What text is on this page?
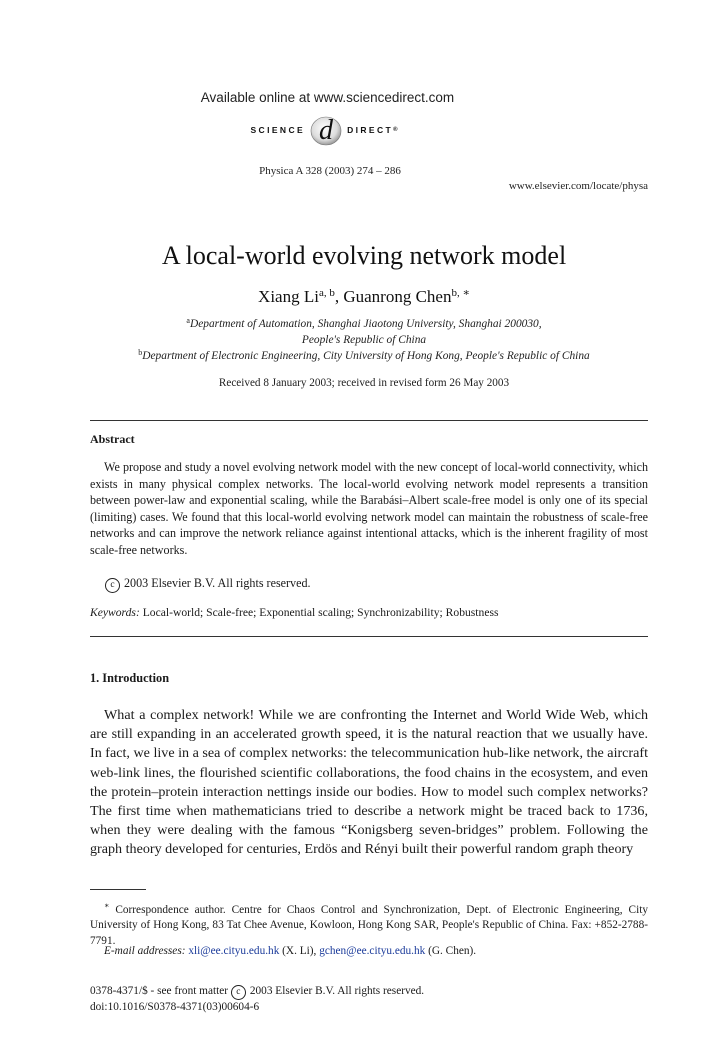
Available online at www.sciencedirect.com
SCIENCE d DIRECT ®
Physica A 328 (2003) 274 – 286
www.elsevier.com/locate/physa
A local-world evolving network model
Xiang Li$^{a, b}$, Guanrong Chen$^{b, ∗}$
$^a$Department of Automation, Shanghai Jiaotong University, Shanghai 200030,
People's Republic of China
$^b$Department of Electronic Engineering, City University of Hong Kong, People's Republic of China
Received 8 January 2003; received in revised form 26 May 2003
Abstract

We propose and study a novel evolving network model with the new concept of local-world connectivity, which exists in many physical complex networks. The local-world evolving network model represents a transition between power-law and exponential scaling, while the Barabási–Albert scale-free model is only one of its special (limiting) cases. We found that this local-world evolving network model can maintain the robustness of scale-free networks and can improve the network reliance against intentional attacks, which is the inherent fragility of most scale-free networks.

c 2003 Elsevier B.V. All rights reserved.
Keywords: Local-world; Scale-free; Exponential scaling; Synchronizability; Robustness
1. Introduction

What a complex network! While we are confronting the Internet and World Wide Web, which are still expanding in an accelerated growth speed, it is the natural reaction that we usually have. In fact, we live in a sea of complex networks: the telecommunication hub-like network, the aircraft web-link lines, the flourished scientific collaborations, the food chains in the ecosystem, and even the protein–protein interaction nettings inside our bodies. How to model such complex networks? The first time when mathematicians tried to describe a network might be traced back to 1736, when they were dealing with the famous “Konigsberg seven-bridges” problem. Following the graph theory developed for centuries, Erdös and Rényi built their powerful random graph theory

∗ Correspondence author. Centre for Chaos Control and Synchronization, Dept. of Electronic Engineering, City University of Hong Kong, 83 Tat Chee Avenue, Kowloon, Hong Kong SAR, People's Republic of China. Fax: +852-2788-7791.

E-mail addresses: xli@ee.cityu.edu.hk (X. Li), gchen@ee.cityu.edu.hk (G. Chen).
0378-4371/$ - see front matter c 2003 Elsevier B.V. All rights reserved.
doi:10.1016/S0378-4371(03)00604-6
